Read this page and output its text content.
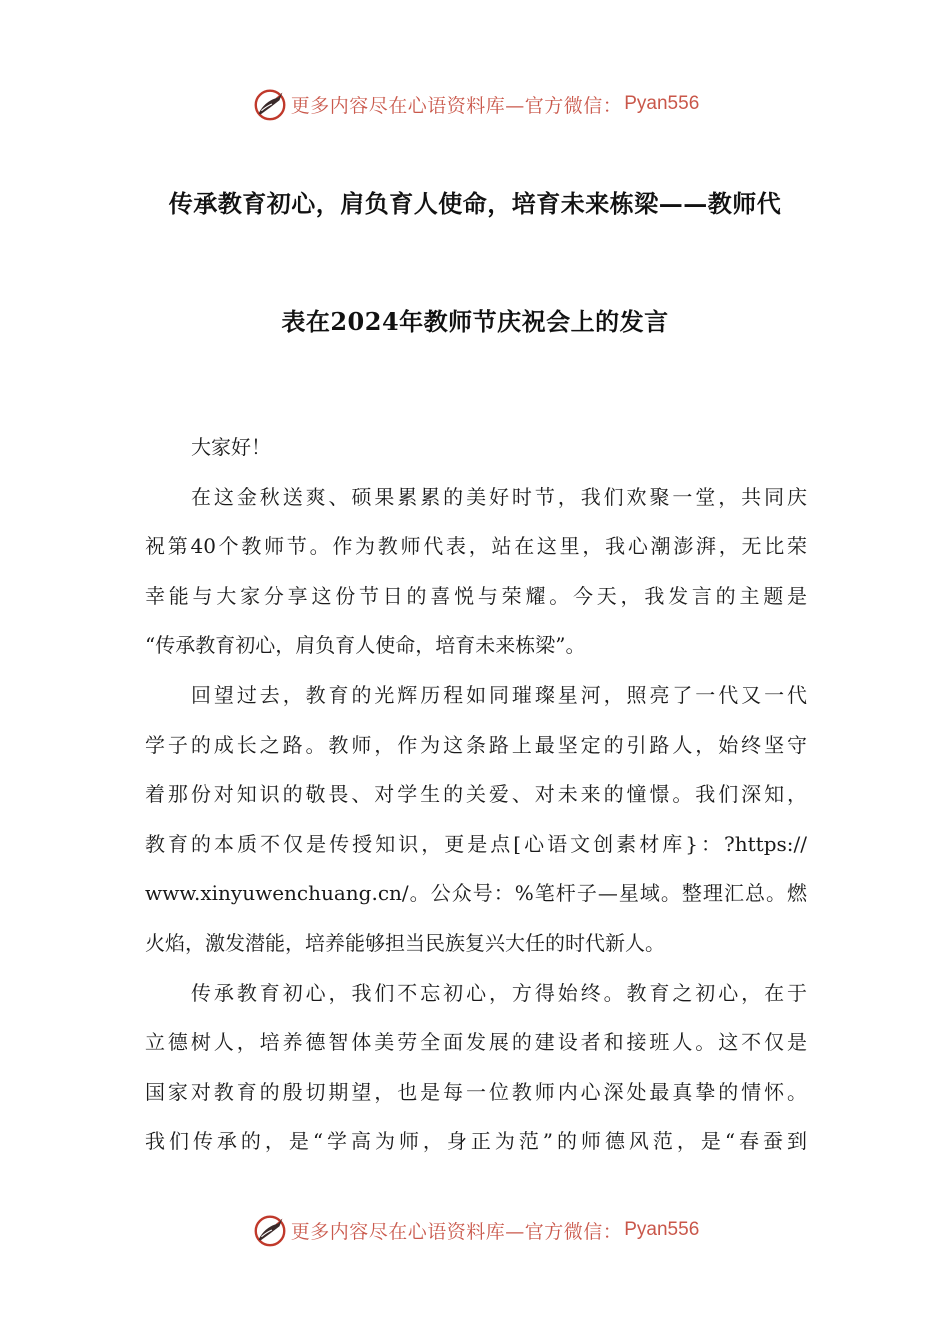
更多内容尽在心语资料库—官方微信： Pyan556
传承教育初心，肩负育人使命，培育未来栋梁——教师代
表在2024年教师节庆祝会上的发言
大家好！
在这金秋送爽、硕果累累的美好时节，我们欢聚一堂，共同庆
祝第40个教师节。作为教师代表，站在这里，我心潮澎湃，无比荣
幸能与大家分享这份节日的喜悦与荣耀。今天，我发言的主题是
“传承教育初心，肩负育人使命，培育未来栋梁”。
回望过去，教育的光辉历程如同璀璨星河，照亮了一代又一代
学子的成长之路。教师，作为这条路上最坚定的引路人，始终坚守
着那份对知识的敬畏、对学生的关爱、对未来的憧憬。我们深知，
教育的本质不仅是传授知识，更是点[心语文创素材库}：?https://
www.xinyuwenchuang.cn/。公众号：%笔杆子—星域。整理汇总。燃
火焰，激发潜能，培养能够担当民族复兴大任的时代新人。
传承教育初心，我们不忘初心，方得始终。教育之初心，在于
立德树人，培养德智体美劳全面发展的建设者和接班人。这不仅是
国家对教育的殷切期望，也是每一位教师内心深处最真挚的情怀。
我们传承的，是“学高为师，身正为范”的师德风范，是“春蚕到
更多内容尽在心语资料库—官方微信： Pyan556
